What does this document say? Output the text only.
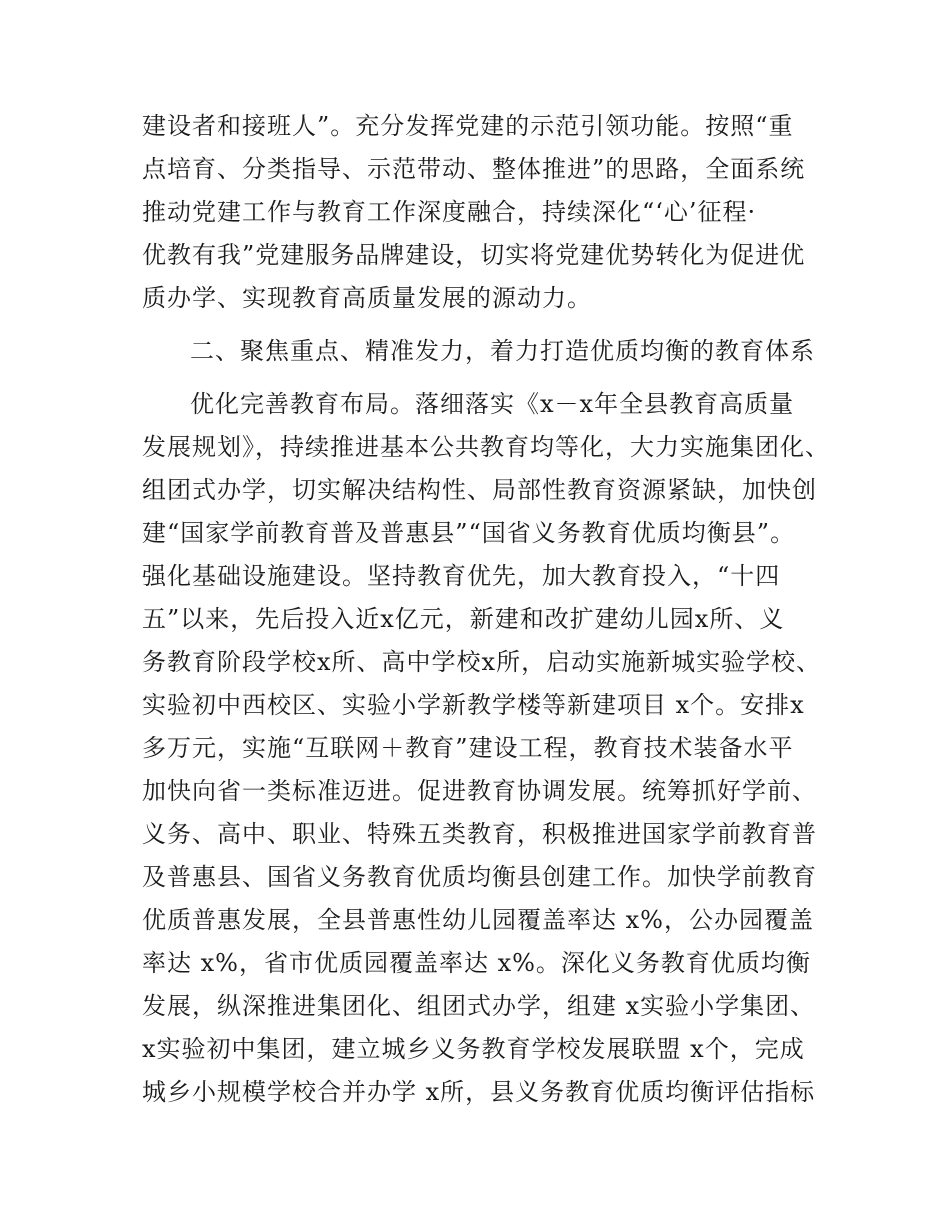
建设者和接班人”。充分发挥党建的示范引领功能。按照“重
点培育、分类指导、示范带动、整体推进”的思路，全面系统
推动党建工作与教育工作深度融合，持续深化“‘心’征程·
优教有我”党建服务品牌建设，切实将党建优势转化为促进优
质办学、实现教育高质量发展的源动力。
二、聚焦重点、精准发力，着力打造优质均衡的教育体系
优化完善教育布局。落细落实《x－x年全县教育高质量
发展规划》，持续推进基本公共教育均等化，大力实施集团化、
组团式办学，切实解决结构性、局部性教育资源紧缺，加快创
建“国家学前教育普及普惠县”“国省义务教育优质均衡县”。
强化基础设施建设。坚持教育优先，加大教育投入，“十四
五”以来，先后投入近x亿元，新建和改扩建幼儿园x所、义
务教育阶段学校x所、高中学校x所，启动实施新城实验学校、
实验初中西校区、实验小学新教学楼等新建项目 x个。安排x
多万元，实施“互联网＋教育”建设工程，教育技术装备水平
加快向省一类标准迈进。促进教育协调发展。统筹抓好学前、
义务、高中、职业、特殊五类教育，积极推进国家学前教育普
及普惠县、国省义务教育优质均衡县创建工作。加快学前教育
优质普惠发展，全县普惠性幼儿园覆盖率达 x%，公办园覆盖
率达 x%，省市优质园覆盖率达 x%。深化义务教育优质均衡
发展，纵深推进集团化、组团式办学，组建 x实验小学集团、
x实验初中集团，建立城乡义务教育学校发展联盟 x个，完成
城乡小规模学校合并办学 x所，县义务教育优质均衡评估指标
